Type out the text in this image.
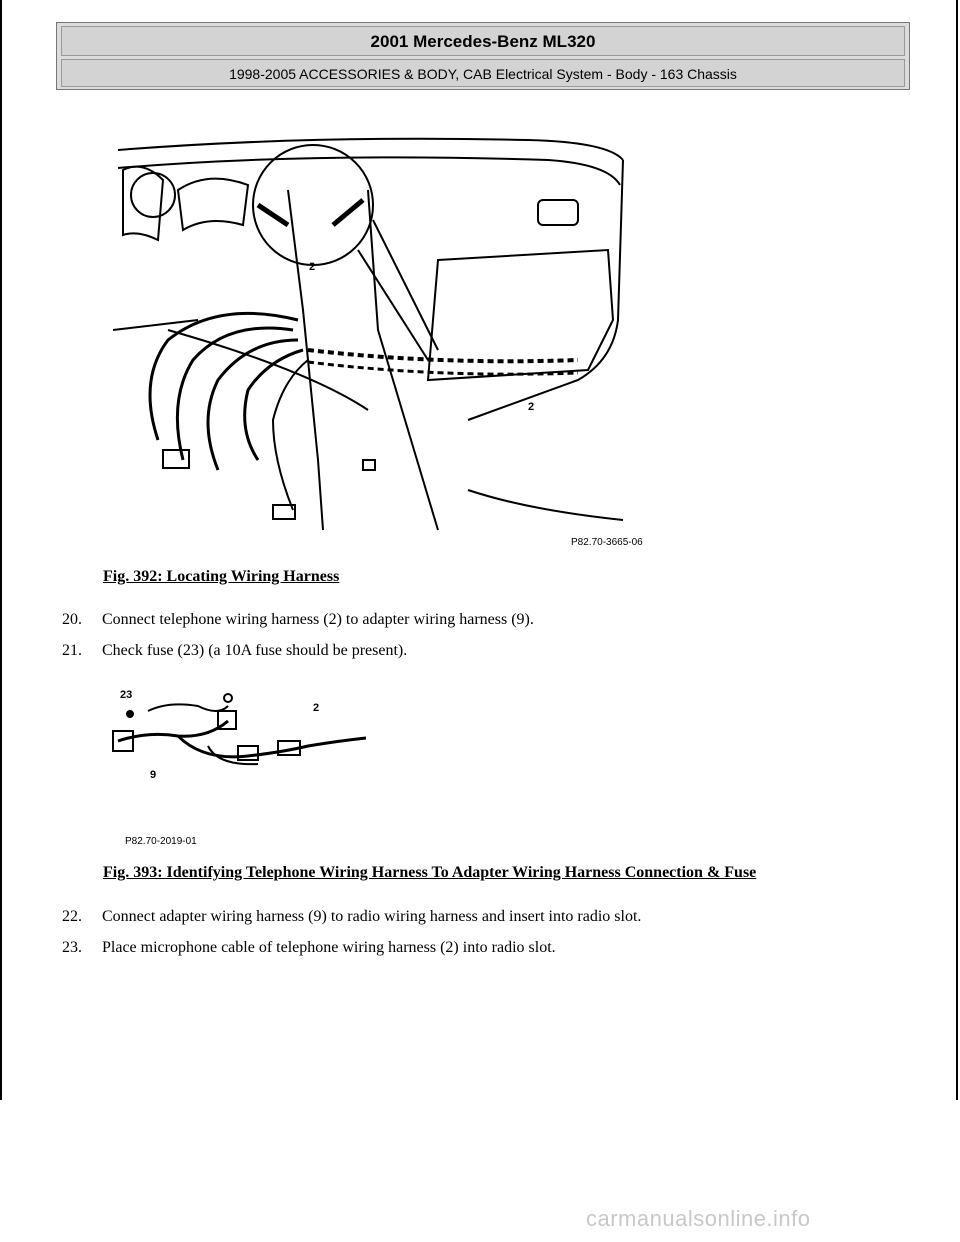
2001 Mercedes-Benz ML320
1998-2005 ACCESSORIES & BODY, CAB Electrical System - Body - 163 Chassis
2
2
P82.70-3665-06
Fig. 392: Locating Wiring Harness
20. Connect telephone wiring harness (2) to adapter wiring harness (9).
21. Check fuse (23) (a 10A fuse should be present).
23
2
9
P82.70-2019-01
Fig. 393: Identifying Telephone Wiring Harness To Adapter Wiring Harness Connection & Fuse
22. Connect adapter wiring harness (9) to radio wiring harness and insert into radio slot.
23. Place microphone cable of telephone wiring harness (2) into radio slot.
carmanualsonline.info
